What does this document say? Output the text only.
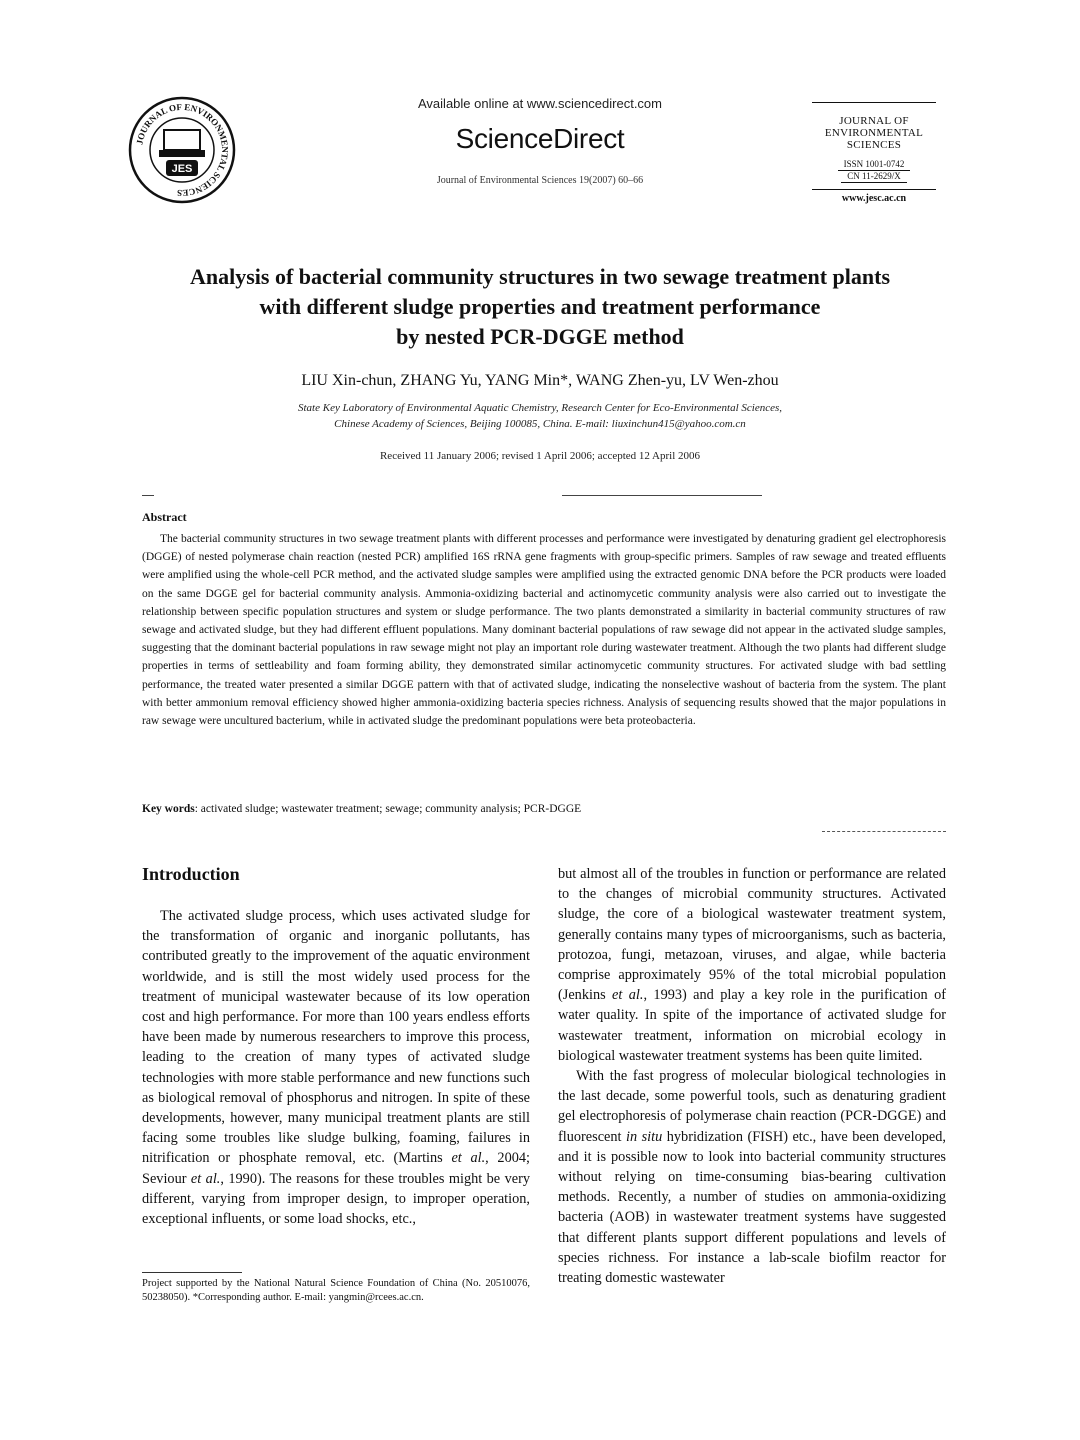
JOURNAL OF ENVIRONMENTAL SCIENCES
JES
Available online at www.sciencedirect.com
ScienceDirect
Journal of Environmental Sciences 19(2007) 60–66
JOURNAL OF
ENVIRONMENTAL
SCIENCES
ISSN 1001-0742
CN 11-2629/X
www.jesc.ac.cn
Analysis of bacterial community structures in two sewage treatment plants
with different sludge properties and treatment performance
by nested PCR-DGGE method
LIU Xin-chun, ZHANG Yu, YANG Min*, WANG Zhen-yu, LV Wen-zhou
State Key Laboratory of Environmental Aquatic Chemistry, Research Center for Eco-Environmental Sciences,
Chinese Academy of Sciences, Beijing 100085, China. E-mail: liuxinchun415@yahoo.com.cn
Received 11 January 2006; revised 1 April 2006; accepted 12 April 2006
Abstract
The bacterial community structures in two sewage treatment plants with different processes and performance were investigated by denaturing gradient gel electrophoresis (DGGE) of nested polymerase chain reaction (nested PCR) amplified 16S rRNA gene fragments with group-specific primers. Samples of raw sewage and treated effluents were amplified using the whole-cell PCR method, and the activated sludge samples were amplified using the extracted genomic DNA before the PCR products were loaded on the same DGGE gel for bacterial community analysis. Ammonia-oxidizing bacterial and actinomycetic community analysis were also carried out to investigate the relationship between specific population structures and system or sludge performance. The two plants demonstrated a similarity in bacterial community structures of raw sewage and activated sludge, but they had different effluent populations. Many dominant bacterial populations of raw sewage did not appear in the activated sludge samples, suggesting that the dominant bacterial populations in raw sewage might not play an important role during wastewater treatment. Although the two plants had different sludge properties in terms of settleability and foam forming ability, they demonstrated similar actinomycetic community structures. For activated sludge with bad settling performance, the treated water presented a similar DGGE pattern with that of activated sludge, indicating the nonselective washout of bacteria from the system. The plant with better ammonium removal efficiency showed higher ammonia-oxidizing bacteria species richness. Analysis of sequencing results showed that the major populations in raw sewage were uncultured bacterium, while in activated sludge the predominant populations were beta proteobacteria.
Key words: activated sludge; wastewater treatment; sewage; community analysis; PCR-DGGE
Introduction

The activated sludge process, which uses activated sludge for the transformation of organic and inorganic pollutants, has contributed greatly to the improvement of the aquatic environment worldwide, and is still the most widely used process for the treatment of municipal wastewater because of its low operation cost and high performance. For more than 100 years endless efforts have been made by numerous researchers to improve this process, leading to the creation of many types of activated sludge technologies with more stable performance and new functions such as biological removal of phosphorus and nitrogen. In spite of these developments, however, many municipal treatment plants are still facing some troubles like sludge bulking, foaming, failures in nitrification or phosphate removal, etc. (Martins et al., 2004; Seviour et al., 1990). The reasons for these troubles might be very different, varying from improper design, to improper operation, exceptional influents, or some load shocks, etc.,

but almost all of the troubles in function or performance are related to the changes of microbial community structures. Activated sludge, the core of a biological wastewater treatment system, generally contains many types of microorganisms, such as bacteria, protozoa, fungi, metazoan, viruses, and algae, while bacteria comprise approximately 95% of the total microbial population (Jenkins et al., 1993) and play a key role in the purification of water quality. In spite of the importance of activated sludge for wastewater treatment, information on microbial ecology in biological wastewater treatment systems has been quite limited.

With the fast progress of molecular biological technologies in the last decade, some powerful tools, such as denaturing gradient gel electrophoresis of polymerase chain reaction (PCR-DGGE) and fluorescent in situ hybridization (FISH) etc., have been developed, and it is possible now to look into bacterial community structures without relying on time-consuming bias-bearing cultivation methods. Recently, a number of studies on ammonia-oxidizing bacteria (AOB) in wastewater treatment systems have suggested that different plants support different populations and levels of species richness. For instance a lab-scale biofilm reactor for treating domestic wastewater

Project supported by the National Natural Science Foundation of China (No. 20510076, 50238050). *Corresponding author. E-mail: yangmin@rcees.ac.cn.
